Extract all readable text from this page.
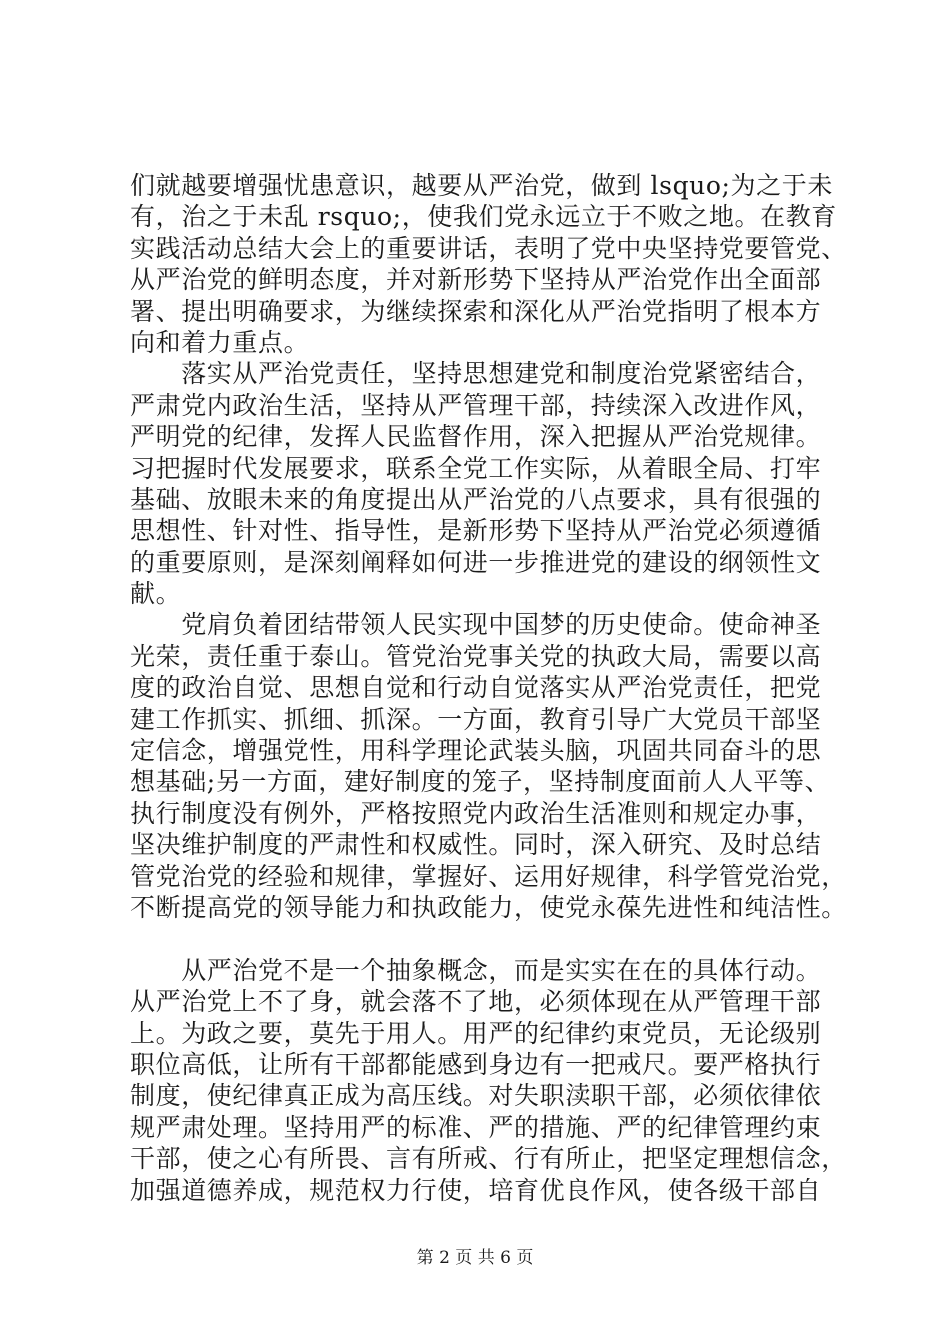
们就越要增强忧患意识，越要从严治党，做到 lsquo;为之于未
有，治之于未乱 rsquo;，使我们党永远立于不败之地。在教育
实践活动总结大会上的重要讲话，表明了党中央坚持党要管党、
从严治党的鲜明态度，并对新形势下坚持从严治党作出全面部
署、提出明确要求，为继续探索和深化从严治党指明了根本方
向和着力重点。
　　落实从严治党责任，坚持思想建党和制度治党紧密结合，
严肃党内政治生活，坚持从严管理干部，持续深入改进作风，
严明党的纪律，发挥人民监督作用，深入把握从严治党规律。
习把握时代发展要求，联系全党工作实际，从着眼全局、打牢
基础、放眼未来的角度提出从严治党的八点要求，具有很强的
思想性、针对性、指导性，是新形势下坚持从严治党必须遵循
的重要原则，是深刻阐释如何进一步推进党的建设的纲领性文
献。
　　党肩负着团结带领人民实现中国梦的历史使命。使命神圣
光荣，责任重于泰山。管党治党事关党的执政大局，需要以高
度的政治自觉、思想自觉和行动自觉落实从严治党责任，把党
建工作抓实、抓细、抓深。一方面，教育引导广大党员干部坚
定信念，增强党性，用科学理论武装头脑，巩固共同奋斗的思
想基础;另一方面，建好制度的笼子，坚持制度面前人人平等、
执行制度没有例外，严格按照党内政治生活准则和规定办事，
坚决维护制度的严肃性和权威性。同时，深入研究、及时总结
管党治党的经验和规律，掌握好、运用好规律，科学管党治党，
不断提高党的领导能力和执政能力，使党永葆先进性和纯洁性。
　　从严治党不是一个抽象概念，而是实实在在的具体行动。
从严治党上不了身，就会落不了地，必须体现在从严管理干部
上。为政之要，莫先于用人。用严的纪律约束党员，无论级别
职位高低，让所有干部都能感到身边有一把戒尺。要严格执行
制度，使纪律真正成为高压线。对失职渎职干部，必须依律依
规严肃处理。坚持用严的标准、严的措施、严的纪律管理约束
干部，使之心有所畏、言有所戒、行有所止，把坚定理想信念，
加强道德养成，规范权力行使，培育优良作风，使各级干部自
第 2 页 共 6 页
